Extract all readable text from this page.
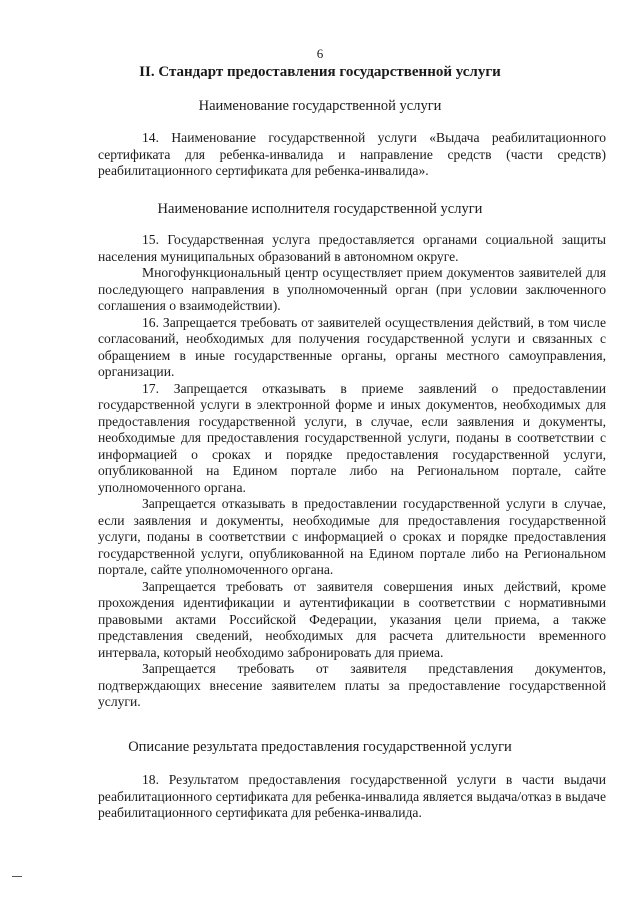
6
II. Стандарт предоставления государственной услуги
Наименование государственной услуги

14. Наименование государственной услуги «Выдача реабилитационного сертификата для ребенка-инвалида и направление средств (части средств) реабилитационного сертификата для ребенка-инвалида».

Наименование исполнителя государственной услуги

15. Государственная услуга предоставляется органами социальной защиты населения муниципальных образований в автономном округе.

Многофункциональный центр осуществляет прием документов заявителей для последующего направления в уполномоченный орган (при условии заключенного соглашения о взаимодействии).

16. Запрещается требовать от заявителей осуществления действий, в том числе согласований, необходимых для получения государственной услуги и связанных с обращением в иные государственные органы, органы местного самоуправления, организации.

17. Запрещается отказывать в приеме заявлений о предоставлении государственной услуги в электронной форме и иных документов, необходимых для предоставления государственной услуги, в случае, если заявления и документы, необходимые для предоставления государственной услуги, поданы в соответствии с информацией о сроках и порядке предоставления государственной услуги, опубликованной на Едином портале либо на Региональном портале, сайте уполномоченного органа.

Запрещается отказывать в предоставлении государственной услуги в случае, если заявления и документы, необходимые для предоставления государственной услуги, поданы в соответствии с информацией о сроках и порядке предоставления государственной услуги, опубликованной на Едином портале либо на Региональном портале, сайте уполномоченного органа.

Запрещается требовать от заявителя совершения иных действий, кроме прохождения идентификации и аутентификации в соответствии с нормативными правовыми актами Российской Федерации, указания цели приема, а также представления сведений, необходимых для расчета длительности временного интервала, который необходимо забронировать для приема.

Запрещается требовать от заявителя представления документов, подтверждающих внесение заявителем платы за предоставление государственной услуги.

Описание результата предоставления государственной услуги

18. Результатом предоставления государственной услуги в части выдачи реабилитационного сертификата для ребенка-инвалида является выдача/отказ в выдаче реабилитационного сертификата для ребенка-инвалида.
